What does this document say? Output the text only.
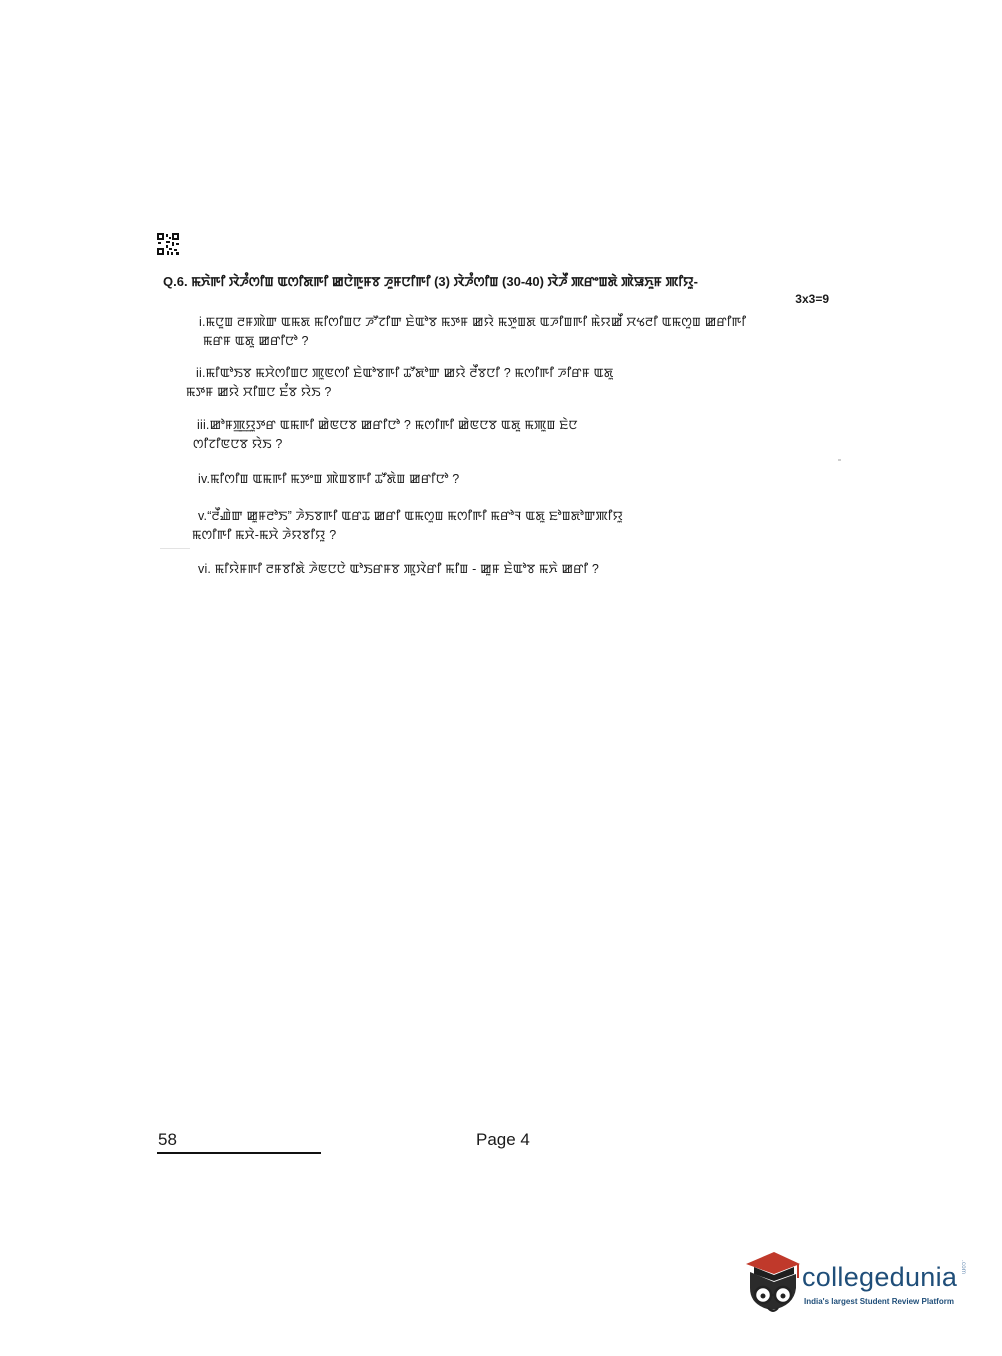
Q.6. ꯃꯈꯥꯒꯤ ꯋꯥꯍꯪꯁꯤꯡ ꯑꯁꯤꯗꯒꯤ ꯀꯅꯥꯒꯨꯝꯕ ꯍꯨꯝꯅꯤꯒꯤ (3) ꯋꯥꯍꯪꯁꯤꯡ (30-40) ꯋꯥꯍꯩ ꯄꯔꯦꯡꯗꯥ ꯄꯥꯎꯈꯨꯝ ꯄꯤꯌꯨ-
3x3=9
i.ꯃꯅꯨꯡ ꯂꯝꯄꯥꯛ ꯑꯃꯗ ꯃꯤꯁꯤꯡꯅ ꯍꯧꯖꯤꯛ ꯐꯥꯑꯣꯕ ꯃꯇꯝ ꯀꯌꯥ ꯃꯇꯨꯡꯗ ꯑꯍꯤꯡꯒꯤ ꯃꯥꯌꯀꯩ ꯆꯠꯂꯤ ꯑꯃꯁꯨꯡ ꯀꯔꯤꯒꯤ
ꯃꯔꯝ ꯑꯗꯨ ꯀꯔꯤꯅꯣ ?
ii.ꯃꯤꯑꯣꯏꯕ ꯃꯆꯥꯁꯤꯡꯅ ꯄꯨꯟꯁꯤ ꯐꯥꯑꯣꯕꯒꯤ ꯊꯧꯗꯣꯛ ꯀꯌꯥ ꯂꯩꯕꯅꯤ ? ꯃꯁꯤꯒꯤ ꯍꯤꯔꯝ ꯑꯗꯨ
ꯃꯇꯝ ꯀꯌꯥ ꯆꯤꯡꯅ ꯐꯪꯕ ꯌꯥꯏ ?
iii.ꯀꯣꯝꯄ꯭ꯌꯨꯇꯔ ꯑꯃꯒꯤ ꯀꯥꯟꯅꯕ ꯀꯔꯤꯅꯣ ? ꯃꯁꯤꯒꯤ ꯀꯥꯟꯅꯕ ꯑꯗꯨ ꯃꯄꯨꯡ ꯐꯥꯅ
ꯁꯤꯖꯤꯟꯅꯕ ꯌꯥꯏ ?
iv.ꯃꯤꯁꯤꯡ ꯑꯃꯒꯤ ꯃꯇꯦꯡ ꯄꯥꯡꯕꯒꯤ ꯊꯧꯗꯥꯡ ꯀꯔꯤꯅꯣ ?
v.“ꯂꯩꯉꯥꯛ ꯀꯨꯝꯂꯣꯏ” ꯍꯥꯏꯕꯒꯤ ꯑꯔꯊ ꯀꯔꯤ ꯑꯃꯁꯨꯡ ꯃꯁꯤꯒꯤ ꯃꯔꯣꯜ ꯑꯗꯨ ꯐꯣꯡꯗꯣꯛꯄꯤꯌꯨ
ꯃꯁꯤꯒꯤ ꯃꯆꯥ-ꯃꯆꯥ ꯍꯥꯌꯕꯤꯌꯨ ?
vi. ꯃꯤꯌꯥꯝꯒꯤ ꯂꯝꯕꯤꯗꯥ ꯍꯥꯟꯅꯅꯥ ꯑꯣꯏꯔꯝꯕ ꯄꯨꯋꯥꯔꯤ ꯃꯤꯡ - ꯀꯨꯝ ꯐꯥꯑꯣꯕ ꯃꯈꯥ ꯀꯔꯤ ?
58	Page 4
collegedunia .com
India's largest Student Review Platform
